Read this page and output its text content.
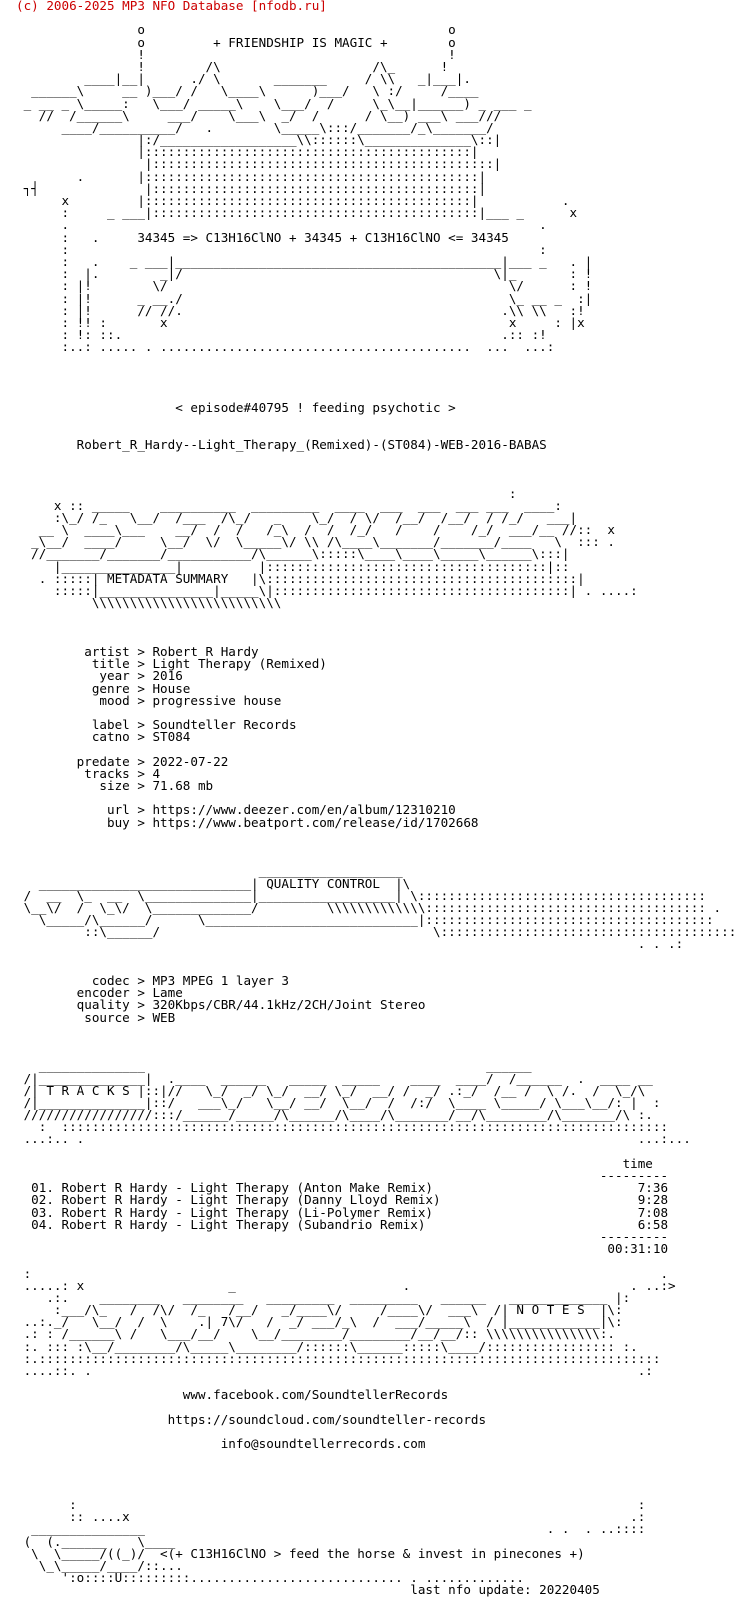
(c) 2006-2025 MP3 NFO Database [nfodb.ru]
o                                        o
o         + FRIENDSHIP IS MAGIC +        o
!                                        !
!        /\                    /\_      !
____|__|      ./ \       _______     / \\   _|___|.
______\     __ )___/ /   \____\      )___/   \ :/     /____
_ __ _ \_____:   \___/ _____\    \___/  /     \_\__|______) _ ___ _
//  /______\     ___/    \___\  _/  /      / \__) ___\ ___///
____/__________/   .        \_____\:::/_______/_\_______/
|:/__________________\\::::::\______________\::|
|:::::::::::::::::::::::::::::::::::::::::::|
|:::::::::::::::::::::::::::::::::::::::::::::|
.       |::::::::::::::::::::::::::::::::::::::::::::|
┐┤              |:::::::::::::::::::::::::::::::::::::::::::|
x         |:::::::::::::::::::::::::::::::::::::::::::|           .
:     _ ___|:::::::::::::::::::::::::::::::::::::::::::|___ _      x
.                                                              .
:   .     34345 => C13H16ClNO + 34345 + C13H16ClNO <= 34345
:                                                              :
:   .    _ ___|___________________________________________|___ _   . |
:  |.        _|/                                         \|_       : !
: |!        \/                                             \/      : !
: |!      _ __./                                           \_ __ _  :|
: |!      // //.                                          .\\ \\   :!
: !! :       x                                             x     : |x
: !: ::.                                                  .:: :!
:..: ..... . .........................................  ...  ...:
< episode#40795 ! feeding psychotic >
Robert_R_Hardy--Light_Therapy_(Remixed)-(ST084)-WEB-2016-BABAS
:
x :: _____    __________  _________  ____  ___  ___  ___ ___  ____:
:\_/ /_   \__/  /___  /\_/   _    \_/  / \/  /__/  /__/  / /_/   ___|
__ \  ____\___    __/  /  /   /_\  /  /  /_/   /    /    /_/  ___/__ //::  x
_\__/  ____/     \__/  \/  \_____\/ \\ /\____\_______/_______/____   \  ::: .
//_______/_______/___________/\______\:::::\____\____\_____\______\:::|
|_______________|          |:::::::::::::::::::::::::::::::::::::|::
. :::::| METADATA SUMMARY   |\:::::::::::::::::::::::::::::::::::::::::|
:::::|_______________|_____\|:::::::::::::::::::::::::::::::::::::::| . ....:
\\\\\\\\\\\\\\\\\\\\\\\\\
artist > Robert R Hardy
title > Light Therapy (Remixed)
year > 2016
genre > House
mood > progressive house
label > Soundteller Records
catno > ST084
predate > 2022-07-22
tracks > 4
size > 71.68 mb
url > https://www.deezer.com/en/album/12310210
buy > https://www.beatport.com/release/id/1702668
___________________
____________________________| QUALITY CONTROL  |\
/  __  \_  __  \______________|__________________| \::::::::::::::::::::::::::::::::::::::
\__\/  /  \_\/  \_____________/         \\\\\\\\\\\\\::::::::::::::::::::::::::::::::::::: .
\_____/\______/      \____________________________|::::::::::::::::::::::::::::::::::::::
::\______/                                    \:::::::::::::::::::::::::::::::::::::::
. . .:
codec > MP3 MPEG 1 layer 3
encoder > Lame
quality > 320Kbps/CBR/44.1kHz/2CH/Joint Stereo
source > WEB
______________                                             ______
/|______________|  .____  ______   _____  _____    ____  ____/  /______  .  ____ __
/| T R A C K S |::|//   \_/  _/ \_/  __/ \_/  __/ /  _/ .:_/  /__ /  \ /.  /  \_/\
/|______________|::/   ___\_/   \__/ __/  \__/  /  /:/  \____ \_____/ \___\__/: |  :
/////////////////:::/______/_____/\______/\____/\_______/__/\________/\_______/\ :.
:  ::::::::::::::::::::::::::::::::::::::::::::::::::::::::::::::::::::::::::::::::
...:.. .                                                                         ...:...
time
---------
01. Robert R Hardy - Light Therapy (Anton Make Remix)                           7:36
02. Robert R Hardy - Light Therapy (Danny Lloyd Remix)                          9:28
03. Robert R Hardy - Light Therapy (Li-Polymer Remix)                           7:08
04. Robert R Hardy - Light Therapy (Subandrio Remix)                            6:58
---------
00:31:10
:                                                                                   .
.....: x                   _                      .                             . ..:>
.:.    ________   ________   _________  _________   ______   _____________ |:
:___/\_   /  /\/  /_   /__/   _/____\/     /____\/  ___\  /| N O T E S  |\:
..:._/   \__/  /  \    .| 7\/   /  _/ ___/_\  /  ___/_____\  / |____________|\:
.: : /______\ /   \___/__/    \__/________/________/__/__/:: \\\\\\\\\\\\\\\:.
:. ::: :\__/________/\_____\________/::::::\______:::::\____/::::::::::::::::: :.
:.::::::::::::::::::::::::::::::::::::::::::::::::::::::::::::::::::::::::::::::::::
....::. .                                                                        .:
www.facebook.com/SoundtellerRecords
https://soundcloud.com/soundteller-records
info@soundtellerrecords.com
:                                                                          :
:: ....x                                                                  .:
_______________                                                     . .  . ..::::
(  (.______    \____
\  \_____/((_)/  <(+ C13H16ClNO > feed the horse & invest in pinecones +)
\_\_____/____/::...
':o::::U:::::::::............................ . .............
last nfo update: 20220405
